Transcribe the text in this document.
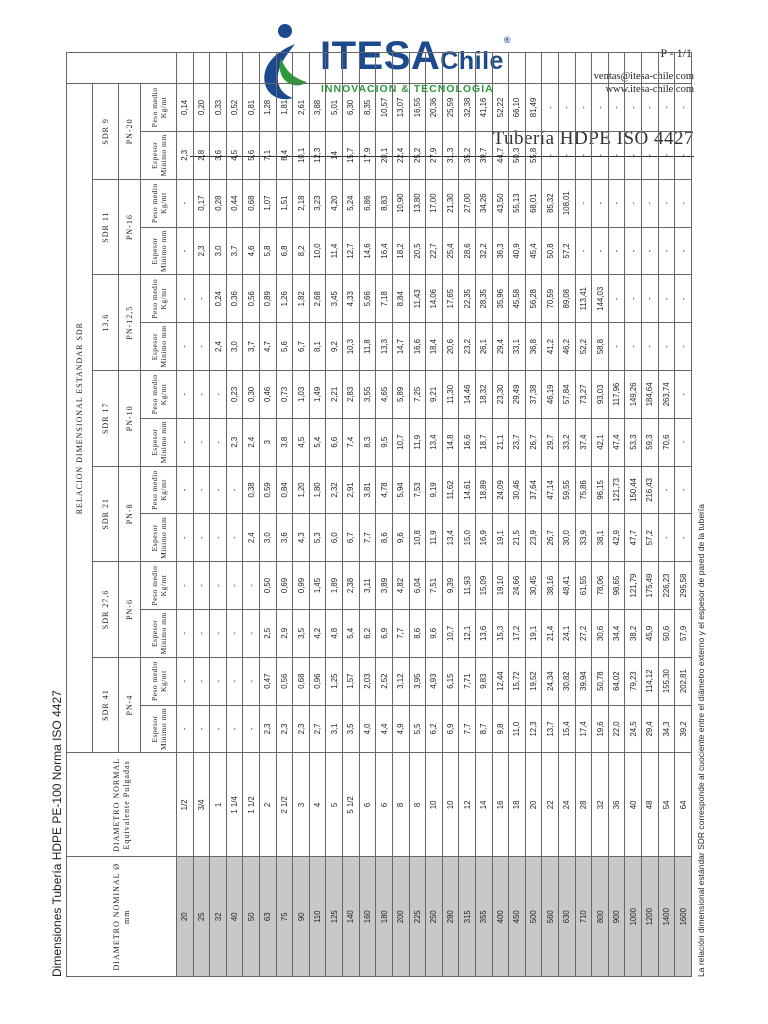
ITESAChile®
INNOVACIÓN & TECNOLOGÍA
P - 1/1
ventas@itesa-chile.com
www.itesa-chile.com
Tubería HDPE ISO 4427
Dimensiones Tubería HDPE PE-100 Norma ISO 4427	DIAMETRO NOMINAL Ø mm	DIAMETRO NORMAL Equivalente Pulgadas	RELACION DIMENSIONAL ESTANDAR SDR														
		SDR 41		SDR 27,6		SDR 21		SDR 17		13,6		SDR 11		SDR 9		
		PN-4		PN-6		PN-8		PN-10		PN-12,5		PN-16		PN-20		
		Espesor Mínimo mm	Peso medio Kg/mt	Espesor Mínimo mm	Peso medio Kg/mt	Espesor Mínimo mm	Peso medio Kg/mt	Espesor Mínimo mm	Peso medio Kg/mt	Espesor Mínimo mm	Peso medio Kg/mt	Espesor Mínimo mm	Peso medio Kg/mt	Espesor Mínimo mm	Peso medio Kg/mt	
20	1/2	-	-	-	-	-	-	-	-	-	-	-	-	2,3	0,14	
25	3/4	-	-	-	-	-	-	-	-	-	-	2,3	0,17	2,8	0,20	
32	1	-	-	-	-	-	-	-	-	2,4	0,24	3,0	0,28	3,6	0,33	
40	1 1/4	-	-	-	-	-	-	2,3	0,23	3,0	0,36	3,7	0,44	4,5	0,52	
50	1 1/2	-	-	-	-	2,4	0,38	2,4	0,30	3,7	0,56	4,6	0,68	5,6	0,81	
63	2	2,3	0,47	2,5	0,50	3,0	0,59	3	0,46	4,7	0,89	5,8	1,07	7,1	1,28	
75	2 1/2	2,3	0,56	2,9	0,69	3,6	0,84	3,8	0,73	5,6	1,26	6,8	1,51	8,4	1,81	
90	3	2,3	0,68	3,5	0,99	4,3	1,20	4,5	1,03	6,7	1,82	8,2	2,18	10,1	2,61	
110	4	2,7	0,96	4,2	1,45	5,3	1,80	5,4	1,49	8,1	2,68	10,0	3,23	12,3	3,88	
125	5	3,1	1,25	4,8	1,89	6,0	2,32	6,6	2,21	9,2	3,45	11,4	4,20	14	5,01	
140	5 1/2	3,5	1,57	5,4	2,38	6,7	2,91	7,4	2,83	10,3	4,33	12,7	5,24	15,7	6,30	
160	6	4,0	2,03	6,2	3,11	7,7	3,81	8,3	3,55	11,8	5,66	14,6	6,86	17,9	8,35	
180	6	4,4	2,52	6,9	3,89	8,6	4,78	9,5	4,65	13,3	7,18	16,4	8,83	20,1	10,57	
200	8	4,9	3,12	7,7	4,82	9,6	5,94	10,7	5,89	14,7	8,84	18,2	10,90	22,4	13,07	
225	8	5,5	3,95	8,6	6,04	10,8	7,53	11,9	7,25	16,6	11,43	20,5	13,80	25,2	16,55	
250	10	6,2	4,93	9,6	7,51	11,9	9,19	13,4	9,21	18,4	14,06	22,7	17,00	27,9	20,36	
280	10	6,9	6,15	10,7	9,39	13,4	11,62	14,8	11,30	20,6	17,65	25,4	21,30	31,3	25,59	
315	12	7,7	7,71	12,1	11,93	15,0	14,61	16,6	14,46	23,2	22,35	28,6	27,00	35,2	32,38	
355	14	8,7	9,83	13,6	15,09	16,9	18,89	18,7	18,32	26,1	28,35	32,2	34,26	39,7	41,16	
400	16	9,8	12,44	15,3	19,10	19,1	24,09	21,1	23,30	29,4	35,96	36,3	43,50	44,7	52,22	
450	18	11,0	15,72	17,2	24,66	21,5	30,46	23,7	29,49	33,1	45,58	40,9	55,13	50,3	66,10	
500	20	12,3	19,52	19,1	30,45	23,9	37,64	26,7	37,38	36,8	56,28	45,4	68,01	55,8	81,49	
560	22	13,7	24,34	21,4	38,16	26,7	47,14	29,7	46,19	41,2	70,59	50,8	85,32	-	-	
630	24	15,4	30,82	24,1	48,41	30,0	59,55	33,2	57,84	46,2	89,08	57,2	108,01	-	-	
710	28	17,4	39,94	27,2	61,55	33,9	75,86	37,4	73,27	52,2	113,41	-	-	-	-	
800	32	19,6	50,78	30,6	78,06	38,1	96,15	42,1	93,03	58,8	144,03	-	-	-	-	
900	36	22,0	64,02	34,4	98,65	42,9	121,73	47,4	117,96	-	-	-	-	-	-	
1000	40	24,5	79,23	38,2	121,79	47,7	150,44	53,3	149,26	-	-	-	-	-	-	
1200	48	29,4	114,12	45,9	175,49	57,2	216,43	59,3	184,64	-	-	-	-	-	-	
1400	54	34,3	155,30	50,6	226,23	-	-	70,6	263,74	-	-	-	-	-	-	
1600	64	39,2	202,81	57,9	295,58	-	-	-	-	-	-	-	-	-	-	
La relación dimensional estándar SDR corresponde al cuociente entre el diámetro externo y el espesor de pared de la tubería
